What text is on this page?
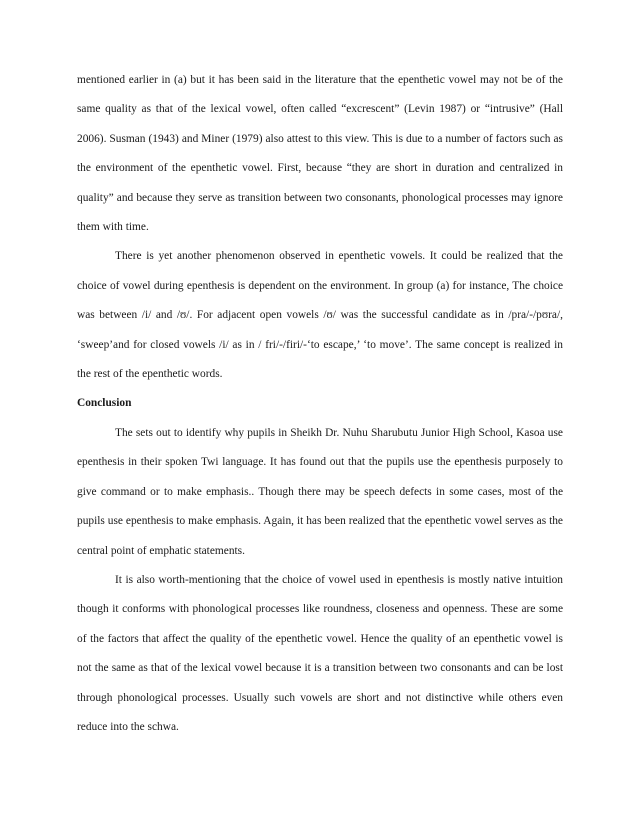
mentioned earlier in (a) but it has been said in the literature that the epenthetic vowel may not be of the same quality as that of the lexical vowel, often called “excrescent” (Levin 1987) or “intrusive” (Hall 2006). Susman (1943) and Miner (1979) also attest to this view. This is due to a number of factors such as the environment of the epenthetic vowel. First, because “they are short in duration and centralized in quality” and because they serve as transition between two consonants, phonological processes may ignore them with time.

There is yet another phenomenon observed in epenthetic vowels. It could be realized that the choice of vowel during epenthesis is dependent on the environment. In group (a) for instance, The choice was between /i/ and /ʊ/. For adjacent open vowels /ʊ/ was the successful candidate as in /pra/-/pʊra/, ‘sweep’and for closed vowels /i/ as in / fri/-/firi/-‘to escape,’ ‘to move’. The same concept is realized in the rest of the epenthetic words.

Conclusion

The sets out to identify why pupils in Sheikh Dr. Nuhu Sharubutu Junior High School, Kasoa use epenthesis in their spoken Twi language. It has found out that the pupils use the epenthesis purposely to give command or to make emphasis.. Though there may be speech defects in some cases, most of the pupils use epenthesis to make emphasis. Again, it has been realized that the epenthetic vowel serves as the central point of emphatic statements.

It is also worth-mentioning that the choice of vowel used in epenthesis is mostly native intuition though it conforms with phonological processes like roundness, closeness and openness. These are some of the factors that affect the quality of the epenthetic vowel. Hence the quality of an epenthetic vowel is not the same as that of the lexical vowel because it is a transition between two consonants and can be lost through phonological processes. Usually such vowels are short and not distinctive while others even reduce into the schwa.
